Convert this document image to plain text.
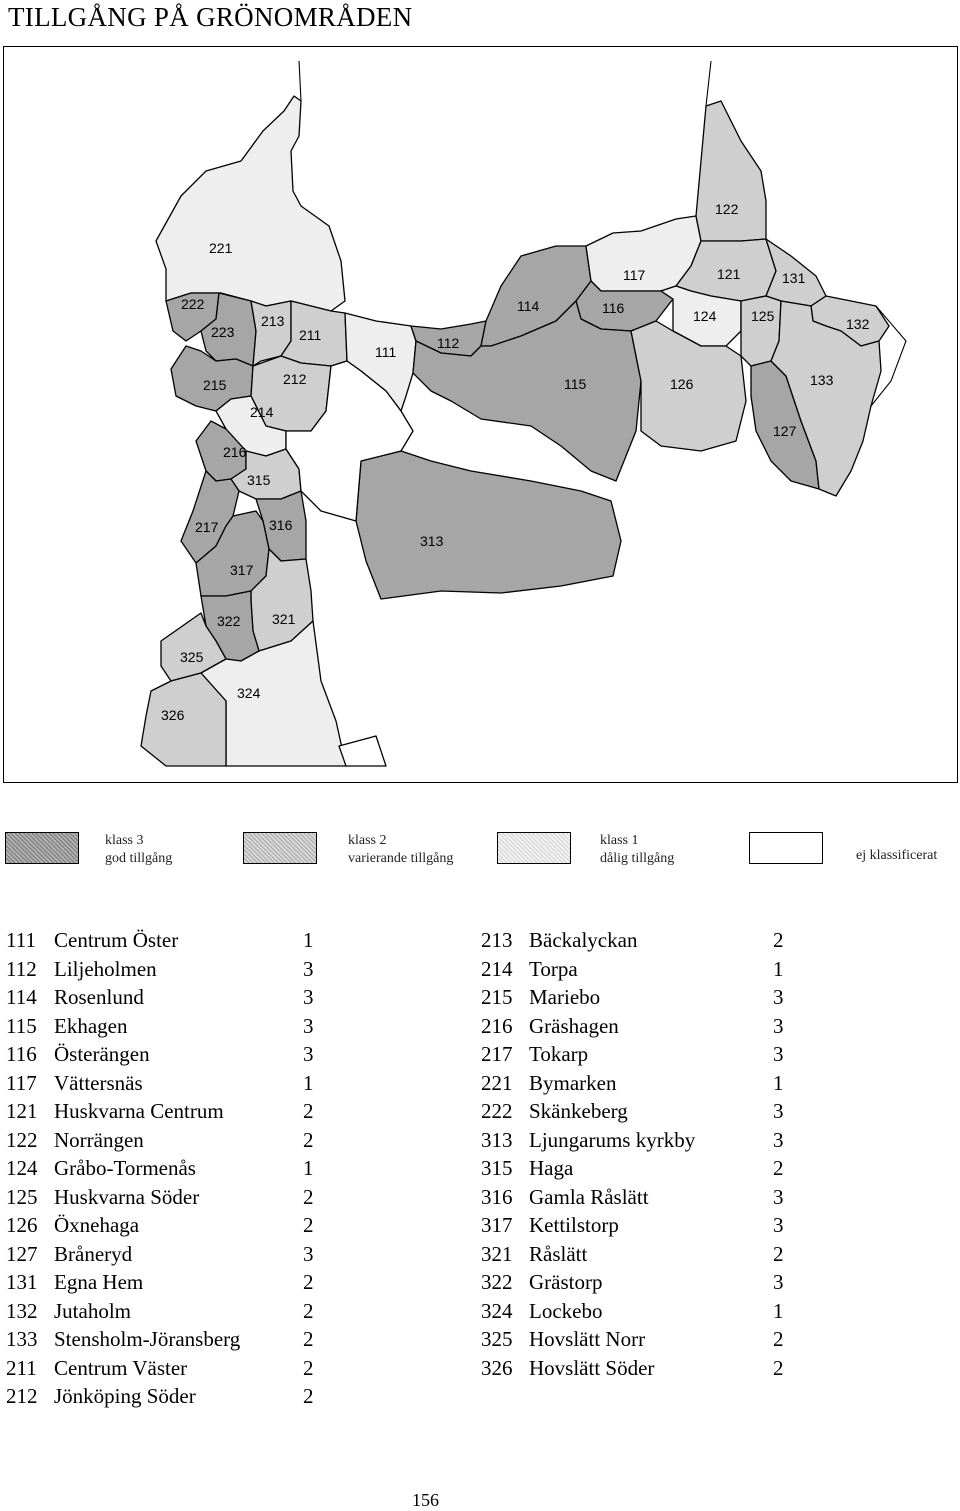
TILLGÅNG PÅ GRÖNOMRÅDEN
221
222
223
213
211
111
112
114
117
116
122
121	131
124 125	132
215	212	115	126	133
214
127
216
315
217	316
313
317
322 321
325
324
326
klass 3
god tillgång
klass 2
varierande tillgång
klass 1
dålig tillgång	ej klassificerat
111 Centrum Öster	1
112 Liljeholmen	3
114 Rosenlund	3
115 Ekhagen	3
116 Österängen	3
117 Vättersnäs	1
121 Huskvarna Centrum	2
122 Norrängen	2
124 Gråbo-Tormenås	1
125 Huskvarna Söder	2
126 Öxnehaga	2
127 Bråneryd	3
131 Egna Hem	2
132 Jutaholm	2
133 Stensholm-Jöransberg	2
211 Centrum Väster	2
212 Jönköping Söder	2
213 Bäckalyckan	2
214 Torpa	1
215 Mariebo	3
216 Gräshagen	3
217 Tokarp	3
221 Bymarken	1
222 Skänkeberg	3
313 Ljungarums kyrkby	3
315 Haga	2
316 Gamla Råslätt	3
317 Kettilstorp	3
321 Råslätt	2
322 Grästorp	3
324 Lockebo	1
325 Hovslätt Norr	2
326 Hovslätt Söder	2
156
